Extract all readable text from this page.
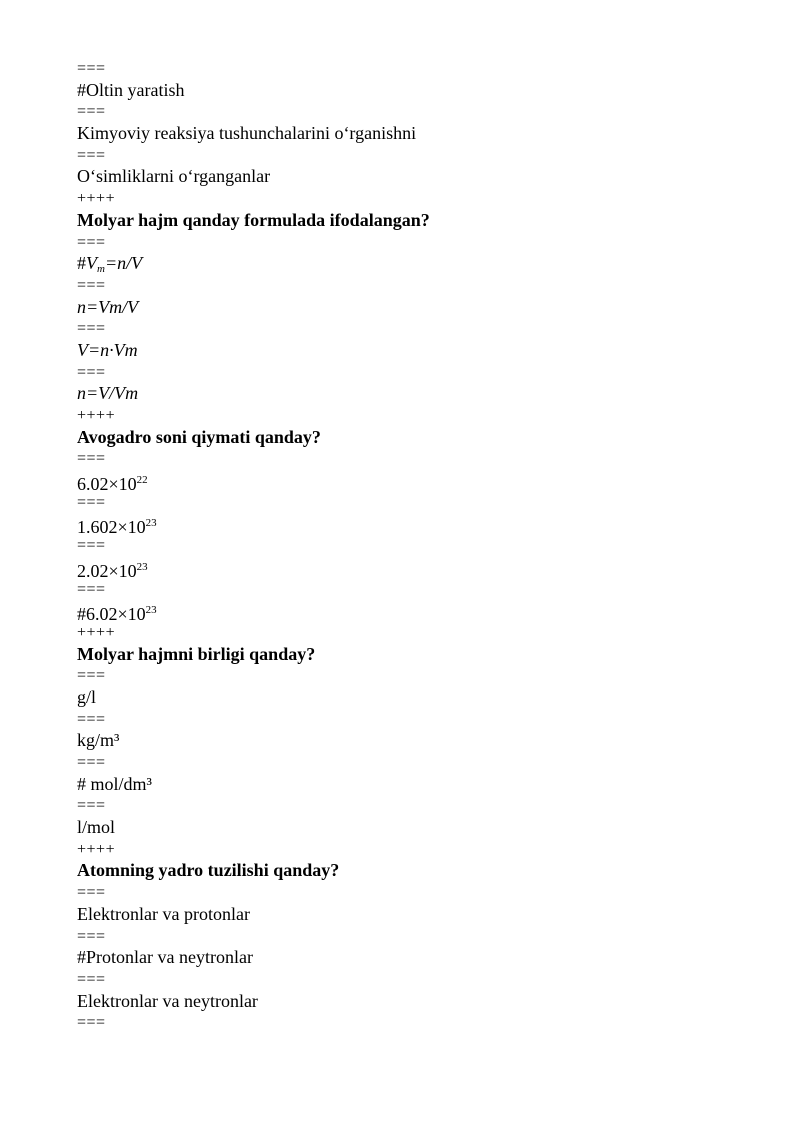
===
#Oltin yaratish
===
Kimyoviy reaksiya tushunchalarini o‘rganishni
===
O‘simliklarni o‘rganganlar
++++
Molyar hajm qanday formulada ifodalangan?
===
$\#V_m=n/V$
===
n=Vm/V
===
V=n·Vm
===
n=V/Vm
++++
Avogadro soni qiymati qanday?
===
$6.02\times 10^{22}$
===
$1.602\times 10^{23}$
===
$2.02\times 10^{23}$
===
$\#6.02\times 10^{23}$
++++
Molyar hajmni birligi qanday?
===
g/l
===
kg/m³
===
# mol/dm³
===
l/mol
++++
Atomning yadro tuzilishi qanday?
===
Elektronlar va protonlar
===
#Protonlar va neytronlar
===
Elektronlar va neytronlar
===
